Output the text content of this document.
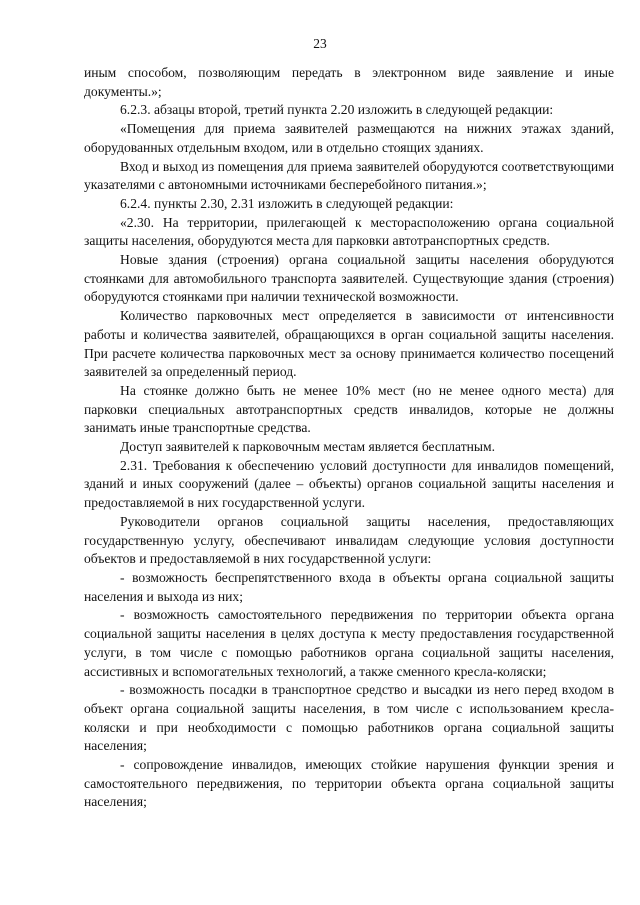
23

иным способом, позволяющим передать в электронном виде заявление и иные документы.»;

6.2.3. абзацы второй, третий пункта 2.20 изложить в следующей редакции:

«Помещения для приема заявителей размещаются на нижних этажах зданий, оборудованных отдельным входом, или в отдельно стоящих зданиях.

Вход и выход из помещения для приема заявителей оборудуются соответствующими указателями с автономными источниками бесперебойного питания.»;

6.2.4. пункты 2.30, 2.31 изложить в следующей редакции:

«2.30. На территории, прилегающей к месторасположению органа социальной защиты населения, оборудуются места для парковки автотранспортных средств.

Новые здания (строения) органа социальной защиты населения оборудуются стоянками для автомобильного транспорта заявителей. Существующие здания (строения) оборудуются стоянками при наличии технической возможности.

Количество парковочных мест определяется в зависимости от интенсивности работы и количества заявителей, обращающихся в орган социальной защиты населения. При расчете количества парковочных мест за основу принимается количество посещений заявителей за определенный период.

На стоянке должно быть не менее 10% мест (но не менее одного места) для парковки специальных автотранспортных средств инвалидов, которые не должны занимать иные транспортные средства.

Доступ заявителей к парковочным местам является бесплатным.

2.31. Требования к обеспечению условий доступности для инвалидов помещений, зданий и иных сооружений (далее – объекты) органов социальной защиты населения и предоставляемой в них государственной услуги.

Руководители органов социальной защиты населения, предоставляющих государственную услугу, обеспечивают инвалидам следующие условия доступности объектов и предоставляемой в них государственной услуги:

- возможность беспрепятственного входа в объекты органа социальной защиты населения и выхода из них;

- возможность самостоятельного передвижения по территории объекта органа социальной защиты населения в целях доступа к месту предоставления государственной услуги, в том числе с помощью работников органа социальной защиты населения, ассистивных и вспомогательных технологий, а также сменного кресла-коляски;

- возможность посадки в транспортное средство и высадки из него перед входом в объект органа социальной защиты населения, в том числе с использованием кресла-коляски и при необходимости с помощью работников органа социальной защиты населения;

- сопровождение инвалидов, имеющих стойкие нарушения функции зрения и самостоятельного передвижения, по территории объекта органа социальной защиты населения;
